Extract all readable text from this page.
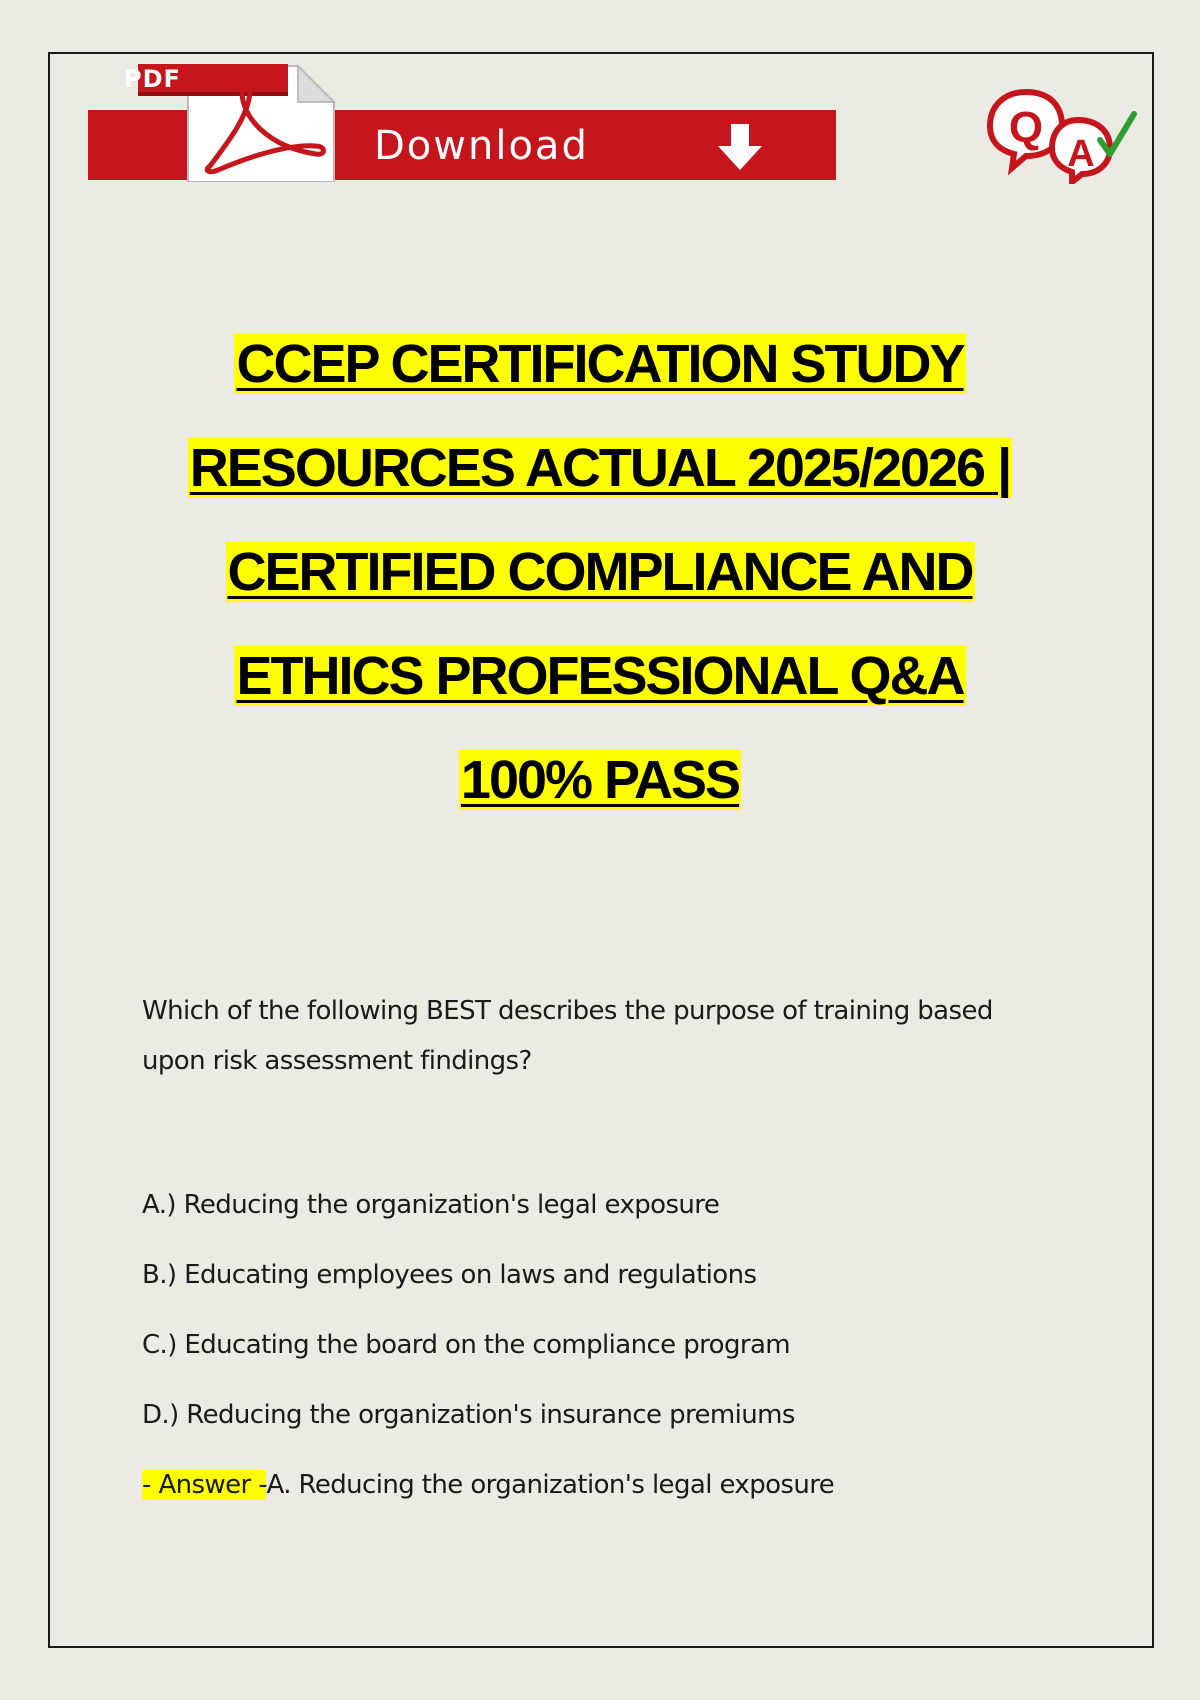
PDF
Download	Q
A
CCEP CERTIFICATION STUDY
RESOURCES ACTUAL 2025/2026 |
CERTIFIED COMPLIANCE AND
ETHICS PROFESSIONAL Q&A
100% PASS

Which of the following BEST describes the purpose of training based upon risk assessment findings?

A.) Reducing the organization's legal exposure
B.) Educating employees on laws and regulations
C.) Educating the board on the compliance program
D.) Reducing the organization's insurance premiums
- Answer -A. Reducing the organization's legal exposure
